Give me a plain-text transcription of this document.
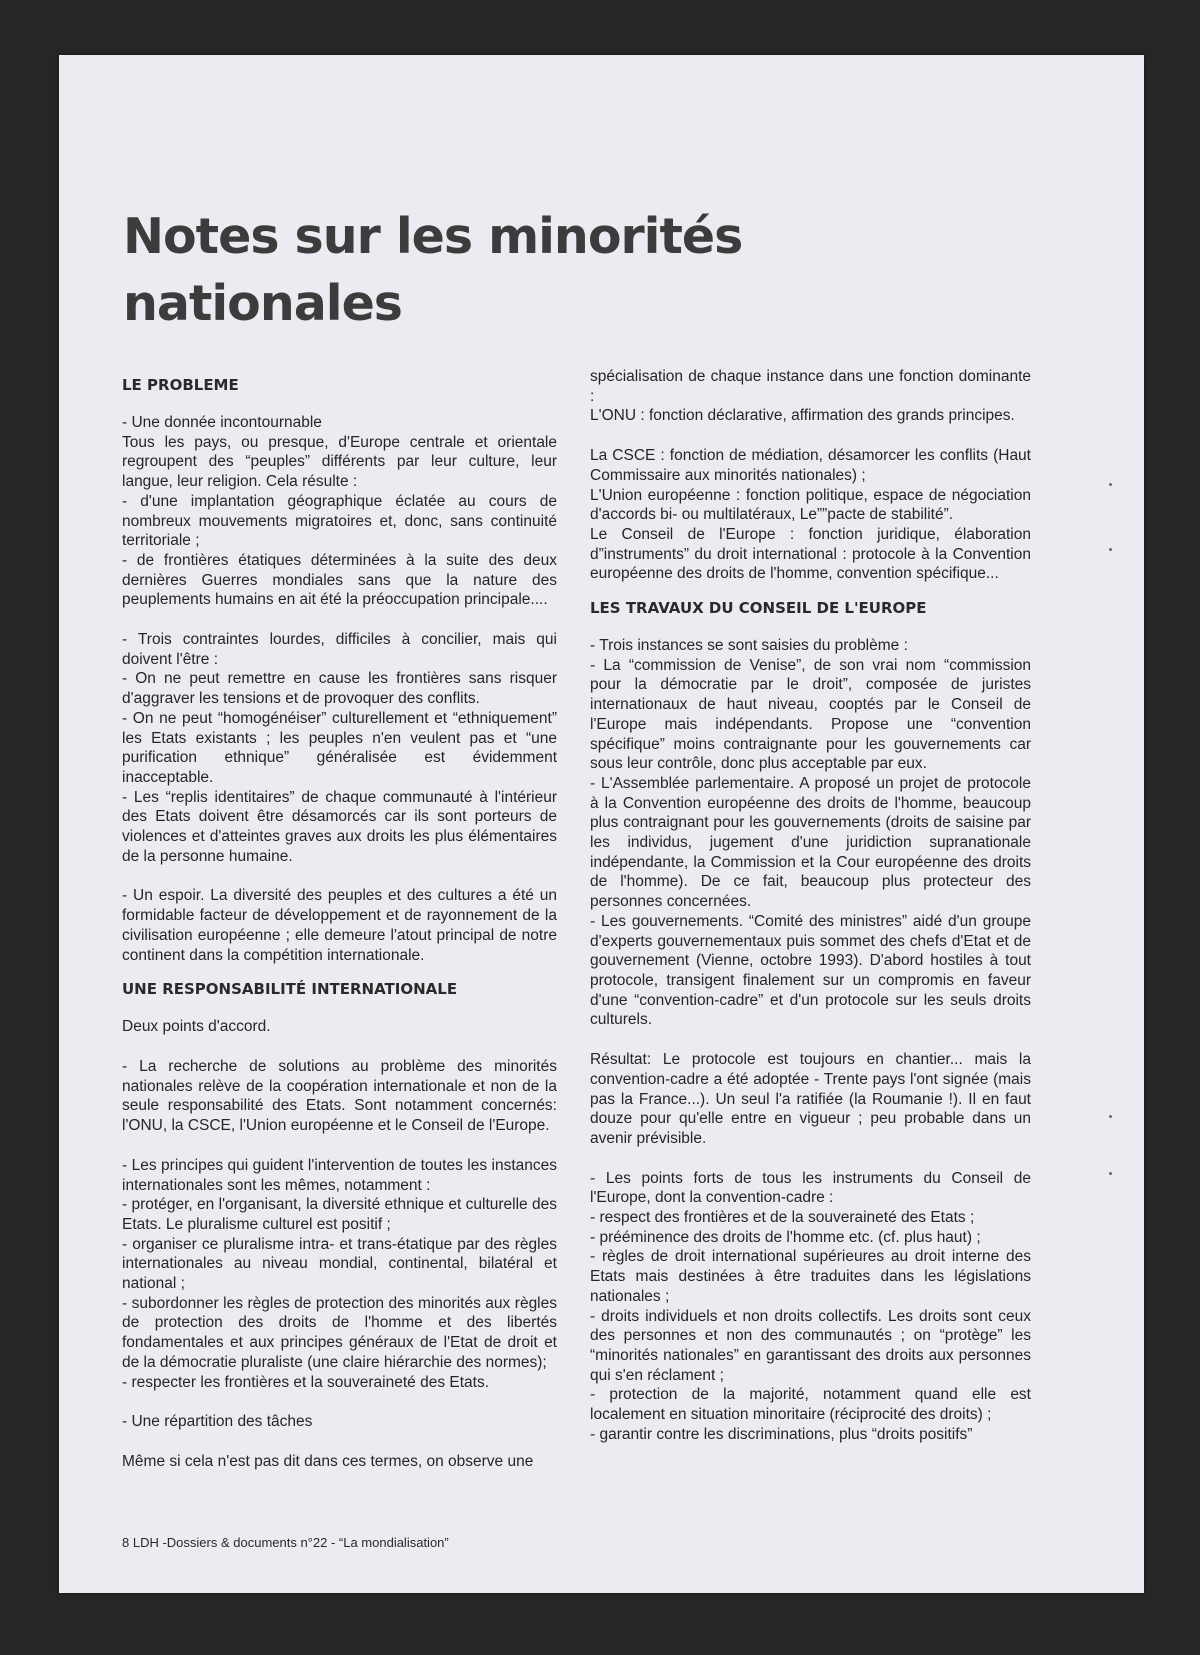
Notes sur les minorités
nationales
LE PROBLEME

- Une donnée incontournable

Tous les pays, ou presque, d'Europe centrale et orientale regroupent des “peuples” différents par leur culture, leur langue, leur religion. Cela résulte :

- d'une implantation géographique éclatée au cours de nombreux mouvements migratoires et, donc, sans continuité territoriale ;

- de frontières étatiques déterminées à la suite des deux dernières Guerres mondiales sans que la nature des peuplements humains en ait été la préoccupation principale....

- Trois contraintes lourdes, difficiles à concilier, mais qui doivent l'être :

- On ne peut remettre en cause les frontières sans risquer d'aggraver les tensions et de provoquer des conflits.

- On ne peut “homogénéiser” culturellement et “ethniquement” les Etats existants ; les peuples n'en veulent pas et “une purification ethnique” généralisée est évidemment inacceptable.

- Les “replis identitaires” de chaque communauté à l'intérieur des Etats doivent être désamorcés car ils sont porteurs de violences et d'atteintes graves aux droits les plus élémentaires de la personne humaine.

- Un espoir. La diversité des peuples et des cultures a été un formidable facteur de développement et de rayonnement de la civilisation européenne ; elle demeure l'atout principal de notre continent dans la compétition internationale.

UNE RESPONSABILITÉ INTERNATIONALE

Deux points d'accord.

- La recherche de solutions au problème des minorités nationales relève de la coopération internationale et non de la seule responsabilité des Etats. Sont notamment concernés: l'ONU, la CSCE, l'Union européenne et le Conseil de l'Europe.

- Les principes qui guident l'intervention de toutes les instances internationales sont les mêmes, notamment :

- protéger, en l'organisant, la diversité ethnique et culturelle des Etats. Le pluralisme culturel est positif ;

- organiser ce pluralisme intra- et trans-étatique par des règles internationales au niveau mondial, continental, bilatéral et national ;

- subordonner les règles de protection des minorités aux règles de protection des droits de l'homme et des libertés fondamentales et aux principes généraux de l'Etat de droit et de la démocratie pluraliste (une claire hiérarchie des normes);

- respecter les frontières et la souveraineté des Etats.

- Une répartition des tâches

Même si cela n'est pas dit dans ces termes, on observe une

spécialisation de chaque instance dans une fonction dominante :

L'ONU : fonction déclarative, affirmation des grands principes.

La CSCE : fonction de médiation, désamorcer les conflits (Haut Commissaire aux minorités nationales) ;

L'Union européenne : fonction politique, espace de négociation d'accords bi- ou multilatéraux, Le””pacte de stabilité”.

Le Conseil de l'Europe : fonction juridique, élaboration d”instruments” du droit international : protocole à la Convention européenne des droits de l'homme, convention spécifique...

LES TRAVAUX DU CONSEIL DE L'EUROPE

- Trois instances se sont saisies du problème :

- La “commission de Venise”, de son vrai nom “commission pour la démocratie par le droit”, composée de juristes internationaux de haut niveau, cooptés par le Conseil de l'Europe mais indépendants. Propose une “convention spécifique” moins contraignante pour les gouvernements car sous leur contrôle, donc plus acceptable par eux.

- L'Assemblée parlementaire. A proposé un projet de protocole à la Convention européenne des droits de l'homme, beaucoup plus contraignant pour les gouvernements (droits de saisine par les individus, jugement d'une juridiction supranationale indépendante, la Commission et la Cour européenne des droits de l'homme). De ce fait, beaucoup plus protecteur des personnes concernées.

- Les gouvernements. “Comité des ministres” aidé d'un groupe d'experts gouvernementaux puis sommet des chefs d'Etat et de gouvernement (Vienne, octobre 1993). D'abord hostiles à tout protocole, transigent finalement sur un compromis en faveur d'une “convention-cadre” et d'un protocole sur les seuls droits culturels.

Résultat: Le protocole est toujours en chantier... mais la convention-cadre a été adoptée - Trente pays l'ont signée (mais pas la France...). Un seul l'a ratifiée (la Roumanie !). Il en faut douze pour qu'elle entre en vigueur ; peu probable dans un avenir prévisible.

- Les points forts de tous les instruments du Conseil de l'Europe, dont la convention-cadre :

- respect des frontières et de la souveraineté des Etats ;

- prééminence des droits de l'homme etc. (cf. plus haut) ;

- règles de droit international supérieures au droit interne des Etats mais destinées à être traduites dans les législations nationales ;

- droits individuels et non droits collectifs. Les droits sont ceux des personnes et non des communautés ; on “protège” les “minorités nationales” en garantissant des droits aux personnes qui s'en réclament ;

- protection de la majorité, notamment quand elle est localement en situation minoritaire (réciprocité des droits) ;

- garantir contre les discriminations, plus “droits positifs”

8 LDH -Dossiers & documents n°22 - “La mondialisation”
